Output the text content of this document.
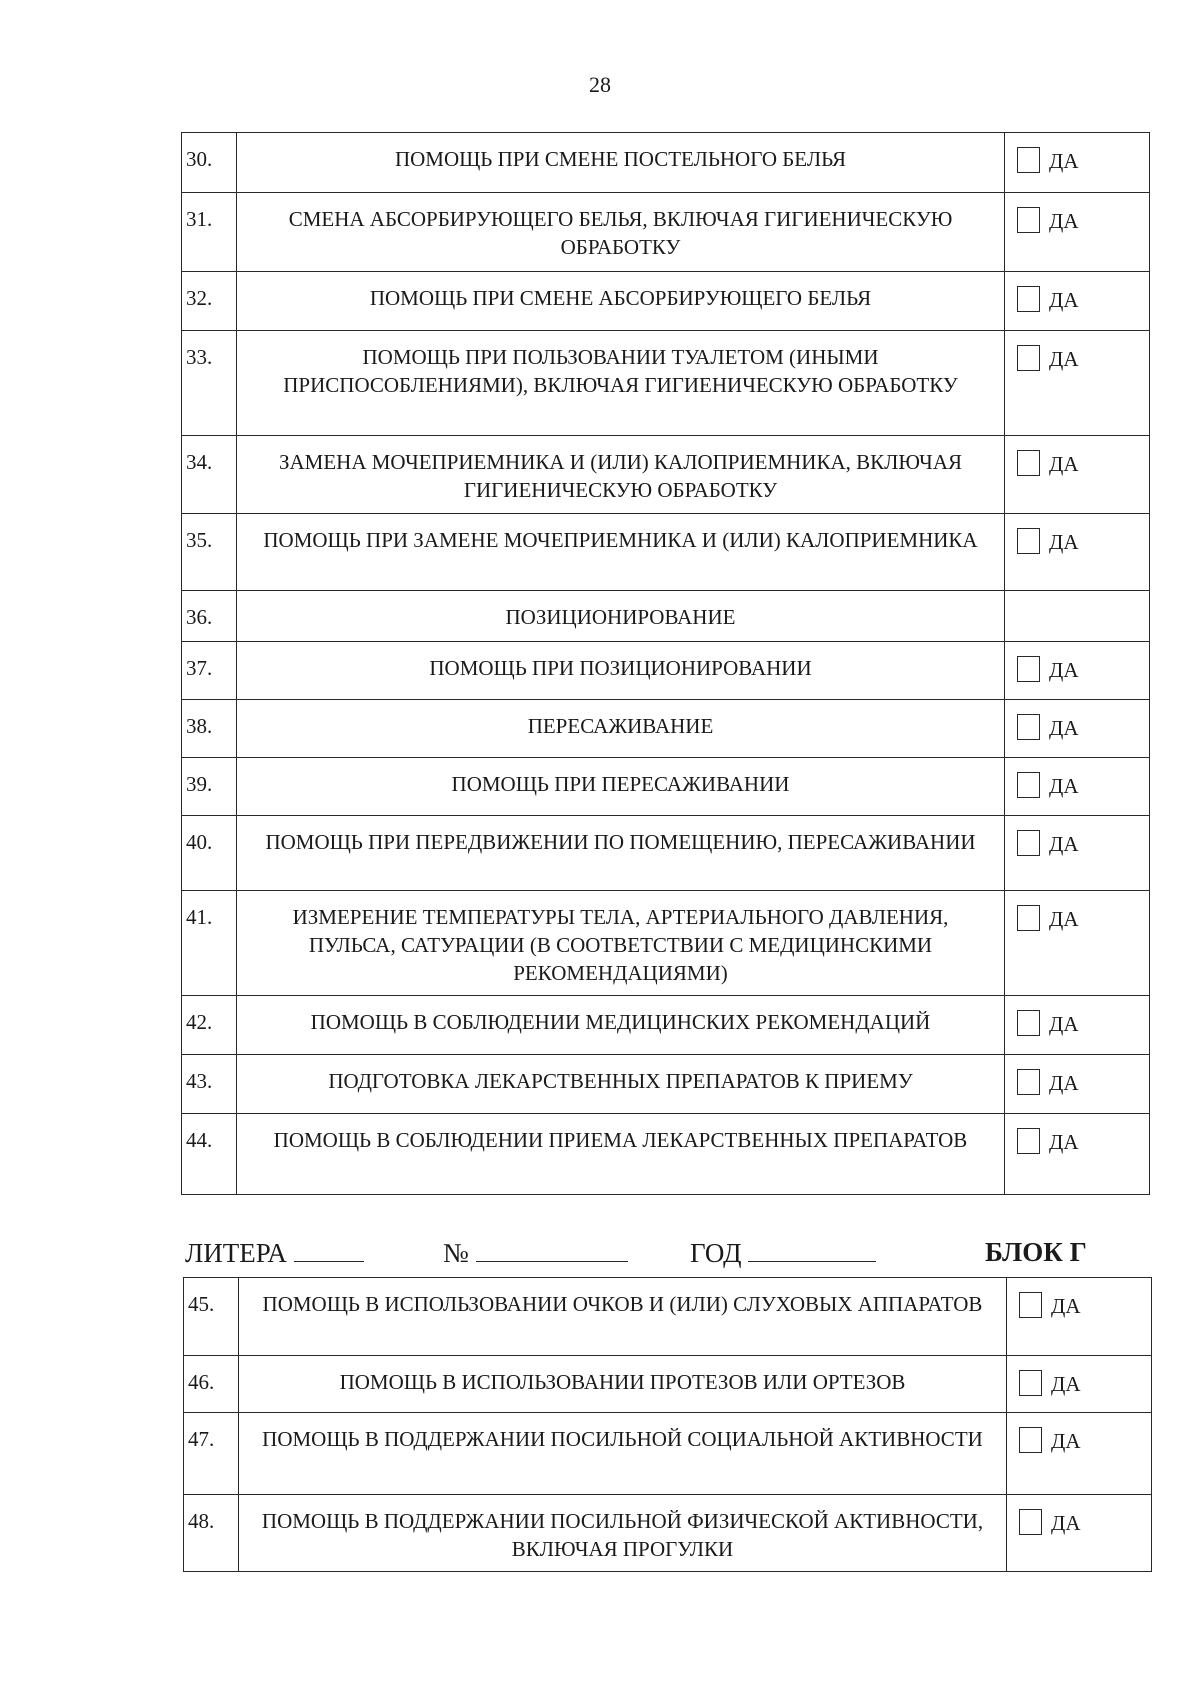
28
30.	ПОМОЩЬ ПРИ СМЕНЕ ПОСТЕЛЬНОГО БЕЛЬЯ	ДА
31.	СМЕНА АБСОРБИРУЮЩЕГО БЕЛЬЯ, ВКЛЮЧАЯ ГИГИЕНИЧЕСКУЮ ОБРАБОТКУ	ДА
32.	ПОМОЩЬ ПРИ СМЕНЕ АБСОРБИРУЮЩЕГО БЕЛЬЯ	ДА
33.	ПОМОЩЬ ПРИ ПОЛЬЗОВАНИИ ТУАЛЕТОМ (ИНЫМИ ПРИСПОСОБЛЕНИЯМИ), ВКЛЮЧАЯ ГИГИЕНИЧЕСКУЮ ОБРАБОТКУ	ДА
34.	ЗАМЕНА МОЧЕПРИЕМНИКА И (ИЛИ) КАЛОПРИЕМНИКА, ВКЛЮЧАЯ ГИГИЕНИЧЕСКУЮ ОБРАБОТКУ	ДА
35.	ПОМОЩЬ ПРИ ЗАМЕНЕ МОЧЕПРИЕМНИКА И (ИЛИ) КАЛОПРИЕМНИКА	ДА
36.	ПОЗИЦИОНИРОВАНИЕ	
37.	ПОМОЩЬ ПРИ ПОЗИЦИОНИРОВАНИИ	ДА
38.	ПЕРЕСАЖИВАНИЕ	ДА
39.	ПОМОЩЬ ПРИ ПЕРЕСАЖИВАНИИ	ДА
40.	ПОМОЩЬ ПРИ ПЕРЕДВИЖЕНИИ ПО ПОМЕЩЕНИЮ, ПЕРЕСАЖИВАНИИ	ДА
41.	ИЗМЕРЕНИЕ ТЕМПЕРАТУРЫ ТЕЛА, АРТЕРИАЛЬНОГО ДАВЛЕНИЯ, ПУЛЬСА, САТУРАЦИИ (В СООТВЕТСТВИИ С МЕДИЦИНСКИМИ РЕКОМЕНДАЦИЯМИ)	ДА
42.	ПОМОЩЬ В СОБЛЮДЕНИИ МЕДИЦИНСКИХ РЕКОМЕНДАЦИЙ	ДА
43.	ПОДГОТОВКА ЛЕКАРСТВЕННЫХ ПРЕПАРАТОВ К ПРИЕМУ	ДА
44.	ПОМОЩЬ В СОБЛЮДЕНИИ ПРИЕМА ЛЕКАРСТВЕННЫХ ПРЕПАРАТОВ	ДА
ЛИТЕРА	№	ГОД	БЛОК Г
45.	ПОМОЩЬ В ИСПОЛЬЗОВАНИИ ОЧКОВ И (ИЛИ) СЛУХОВЫХ АППАРАТОВ	ДА
46.	ПОМОЩЬ В ИСПОЛЬЗОВАНИИ ПРОТЕЗОВ ИЛИ ОРТЕЗОВ	ДА
47.	ПОМОЩЬ В ПОДДЕРЖАНИИ ПОСИЛЬНОЙ СОЦИАЛЬНОЙ АКТИВНОСТИ	ДА
48.	ПОМОЩЬ В ПОДДЕРЖАНИИ ПОСИЛЬНОЙ ФИЗИЧЕСКОЙ АКТИВНОСТИ, ВКЛЮЧАЯ ПРОГУЛКИ	ДА
